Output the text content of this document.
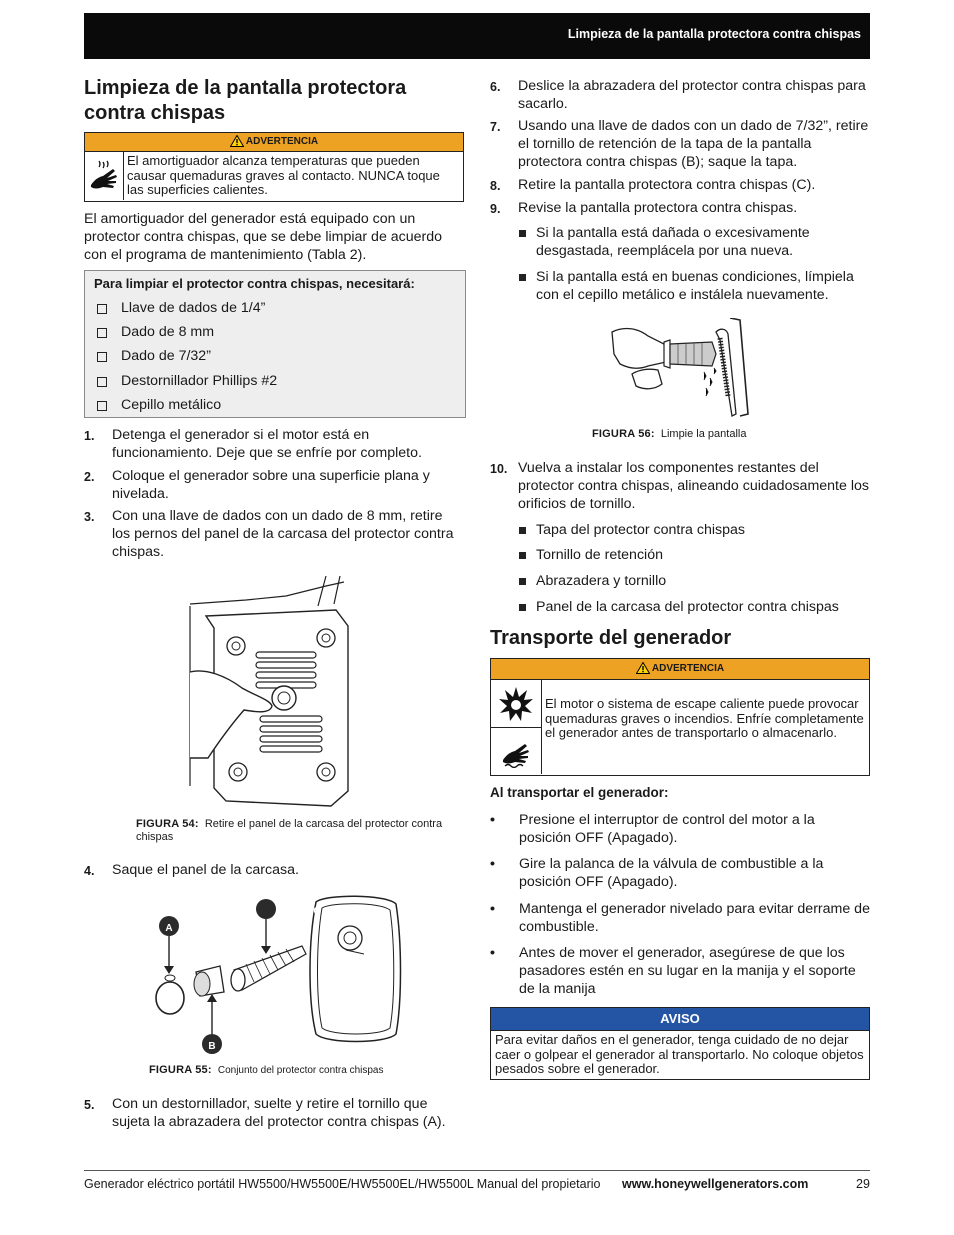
Limpieza de la pantalla protectora contra chispas
Limpieza de la pantalla protectora contra chispas
ADVERTENCIA
El amortiguador alcanza temperaturas que pueden causar quemaduras graves al contacto. NUNCA toque las superficies calientes.
El amortiguador del generador está equipado con un protector contra chispas, que se debe limpiar de acuerdo con el programa de mantenimiento (Tabla 2).
Para limpiar el protector contra chispas, necesitará:
Llave de dados de 1/4”
Dado de 8 mm
Dado de 7/32”
Destornillador Phillips #2
Cepillo metálico
1. Detenga el generador si el motor está en funcionamiento. Deje que se enfríe por completo.
2. Coloque el generador sobre una superficie plana y nivelada.
3. Con una llave de dados con un dado de 8 mm, retire los pernos del panel de la carcasa del protector contra chispas.
FIGURA 54: Retire el panel de la carcasa del protector contra chispas
4. Saque el panel de la carcasa.
C
A
B
FIGURA 55: Conjunto del protector contra chispas
5. Con un destornillador, suelte y retire el tornillo que sujeta la abrazadera del protector contra chispas (A).
6. Deslice la abrazadera del protector contra chispas para sacarlo.
7. Usando una llave de dados con un dado de 7/32”, retire el tornillo de retención de la tapa de la pantalla protectora contra chispas (B); saque la tapa.
8. Retire la pantalla protectora contra chispas (C).
9. Revise la pantalla protectora contra chispas.
Si la pantalla está dañada o excesivamente desgastada, reemplácela por una nueva.
Si la pantalla está en buenas condiciones, límpiela con el cepillo metálico e instálela nuevamente.
FIGURA 56: Limpie la pantalla
10. Vuelva a instalar los componentes restantes del protector contra chispas, alineando cuidadosamente los orificios de tornillo.
Tapa del protector contra chispas
Tornillo de retención
Abrazadera y tornillo
Panel de la carcasa del protector contra chispas
Transporte del generador
ADVERTENCIA
El motor o sistema de escape caliente puede provocar quemaduras graves o incendios. Enfríe completamente el generador antes de transportarlo o almacenarlo.
Al transportar el generador:
• Presione el interruptor de control del motor a la posición OFF (Apagado).
• Gire la palanca de la válvula de combustible a la posición OFF (Apagado).
• Mantenga el generador nivelado para evitar derrame de combustible.
• Antes de mover el generador, asegúrese de que los pasadores estén en su lugar en la manija y el soporte de la manija
AVISO
Para evitar daños en el generador, tenga cuidado de no dejar caer o golpear el generador al transportarlo. No coloque objetos pesados sobre el generador.
Generador eléctrico portátil HW5500/HW5500E/HW5500EL/HW5500L Manual del propietario www.honeywellgenerators.com	29
